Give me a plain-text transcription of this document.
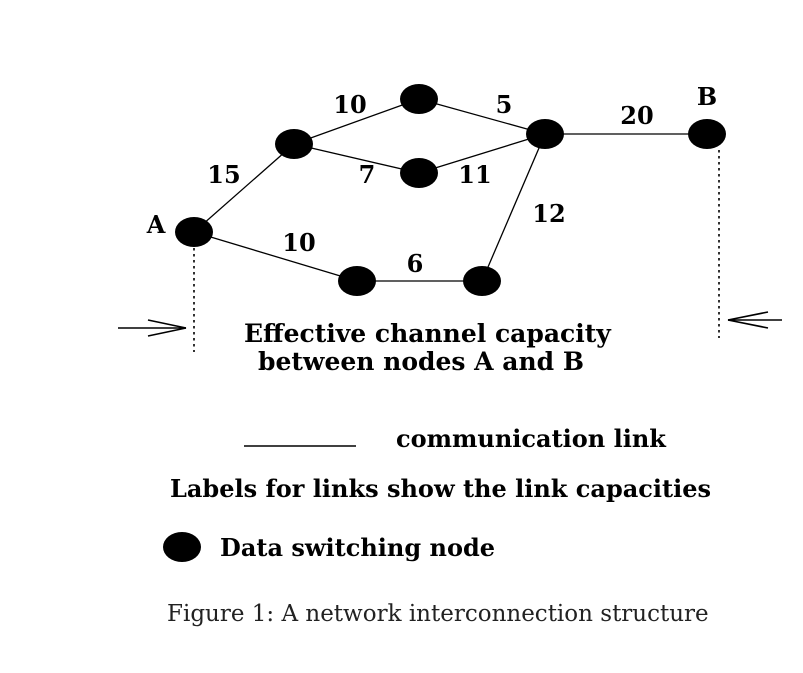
15
10
7
5
11
20
10
6
12
A
B
Effective channel capacity
between nodes A and B
communication link
Labels for links show the link capacities
Data switching node
Figure 1: A network interconnection structure
